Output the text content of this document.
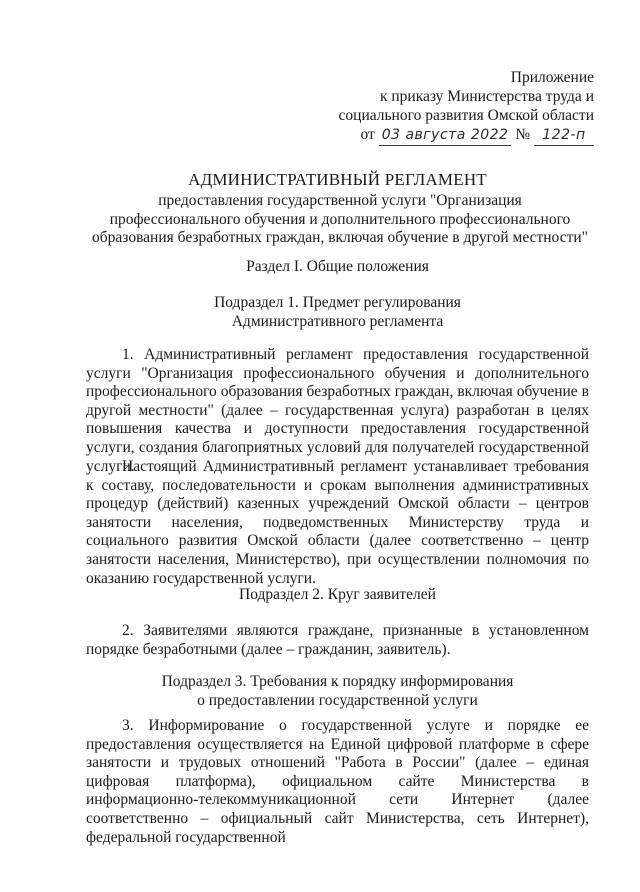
Приложение
к приказу Министерства труда и
социального развития Омской области
от 03 августа 2022 № 122-п
АДМИНИСТРАТИВНЫЙ РЕГЛАМЕНТ
предоставления государственной услуги "Организация профессионального обучения и дополнительного профессионального образования безработных граждан, включая обучение в другой местности"
Раздел I. Общие положения
Подраздел 1. Предмет регулирования
Административного регламента

1. Административный регламент предоставления государственной услуги "Организация профессионального обучения и дополнительного профессионального образования безработных граждан, включая обучение в другой местности" (далее – государственная услуга) разработан в целях повышения качества и доступности предоставления государственной услуги, создания благоприятных условий для получателей государственной услуги.

Настоящий Административный регламент устанавливает требования к составу, последовательности и срокам выполнения административных процедур (действий) казенных учреждений Омской области – центров занятости населения, подведомственных Министерству труда и социального развития Омской области (далее соответственно – центр занятости населения, Министерство), при осуществлении полномочия по оказанию государственной услуги.

Подраздел 2. Круг заявителей

2. Заявителями являются граждане, признанные в установленном порядке безработными (далее – гражданин, заявитель).

Подраздел 3. Требования к порядку информирования
о предоставлении государственной услуги

3. Информирование о государственной услуге и порядке ее предоставления осуществляется на Единой цифровой платформе в сфере занятости и трудовых отношений "Работа в России" (далее – единая цифровая платформа), официальном сайте Министерства в информационно-телекоммуникационной сети Интернет (далее соответственно – официальный сайт Министерства, сеть Интернет), федеральной государственной
